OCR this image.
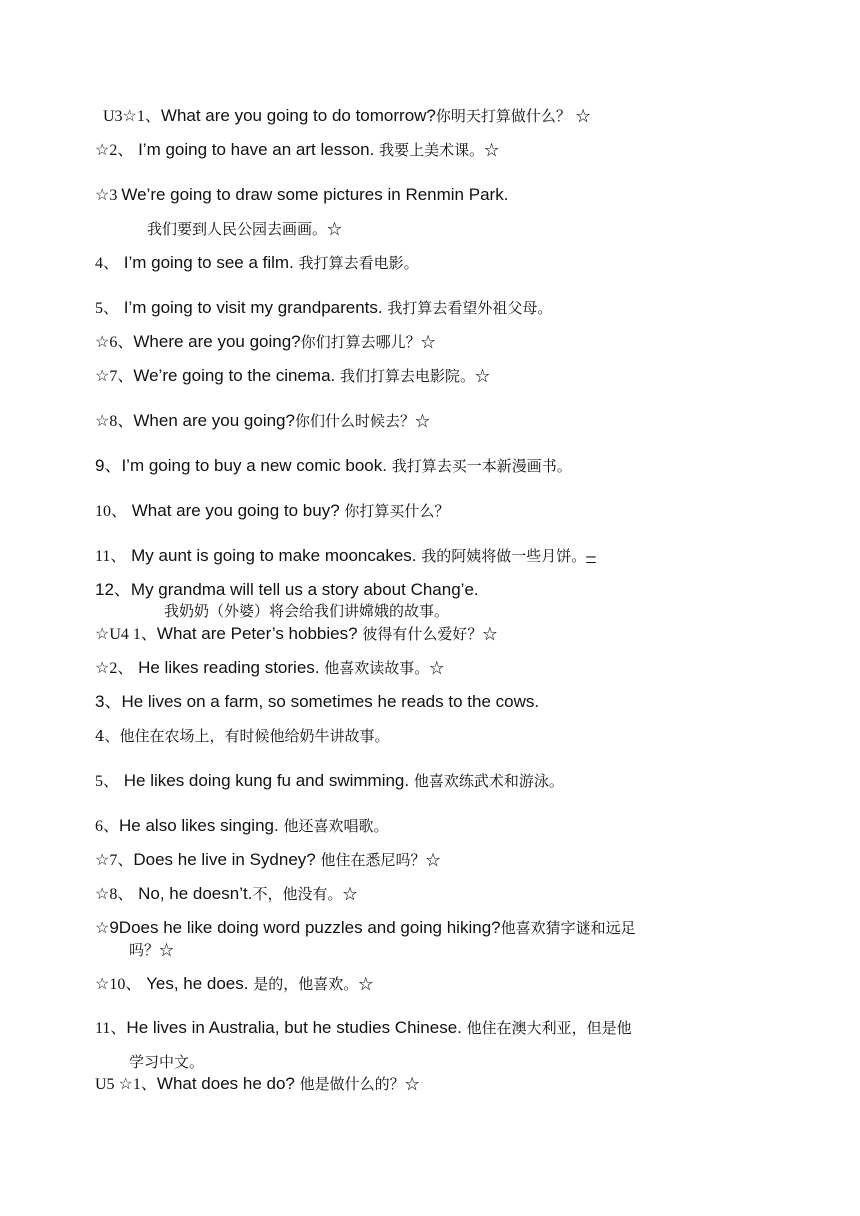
U3☆1、What are you going to do tomorrow?你明天打算做什么？ ☆
☆2、 I’m going to have an art lesson. 我要上美术课。☆
☆3 We’re going to draw some pictures in Renmin Park.
我们要到人民公园去画画。☆
4、 I’m going to see a film. 我打算去看电影。
5、 I’m going to visit my grandparents. 我打算去看望外祖父母。
☆6、Where are you going?你们打算去哪儿？☆
☆7、We’re going to the cinema. 我们打算去电影院。☆
☆8、When are you going?你们什么时候去？☆
9、I’m going to buy a new comic book. 我打算去买一本新漫画书。
10、 What are you going to buy? 你打算买什么？
11、 My aunt is going to make mooncakes. 我的阿姨将做一些月饼。–
12、My grandma will tell us a story about Chang’e.
我奶奶（外婆）将会给我们讲嫦娥的故事。
☆U4 1、What are Peter’s hobbies? 彼得有什么爱好？☆
☆2、 He likes reading stories. 他喜欢读故事。☆
3、He lives on a farm, so sometimes he reads to the cows.
4、他住在农场上，有时候他给奶牛讲故事。
5、 He likes doing kung fu and swimming. 他喜欢练武术和游泳。
6、He also likes singing. 他还喜欢唱歌。
☆7、Does he live in Sydney? 他住在悉尼吗？☆
☆8、 No, he doesn’t.不，他没有。☆
☆9Does he like doing word puzzles and going hiking?他喜欢猜字谜和远足
吗？☆
☆10、 Yes, he does. 是的，他喜欢。☆
11、He lives in Australia, but he studies Chinese. 他住在澳大利亚，但是他
学习中文。
U5 ☆1、What does he do? 他是做什么的？☆
